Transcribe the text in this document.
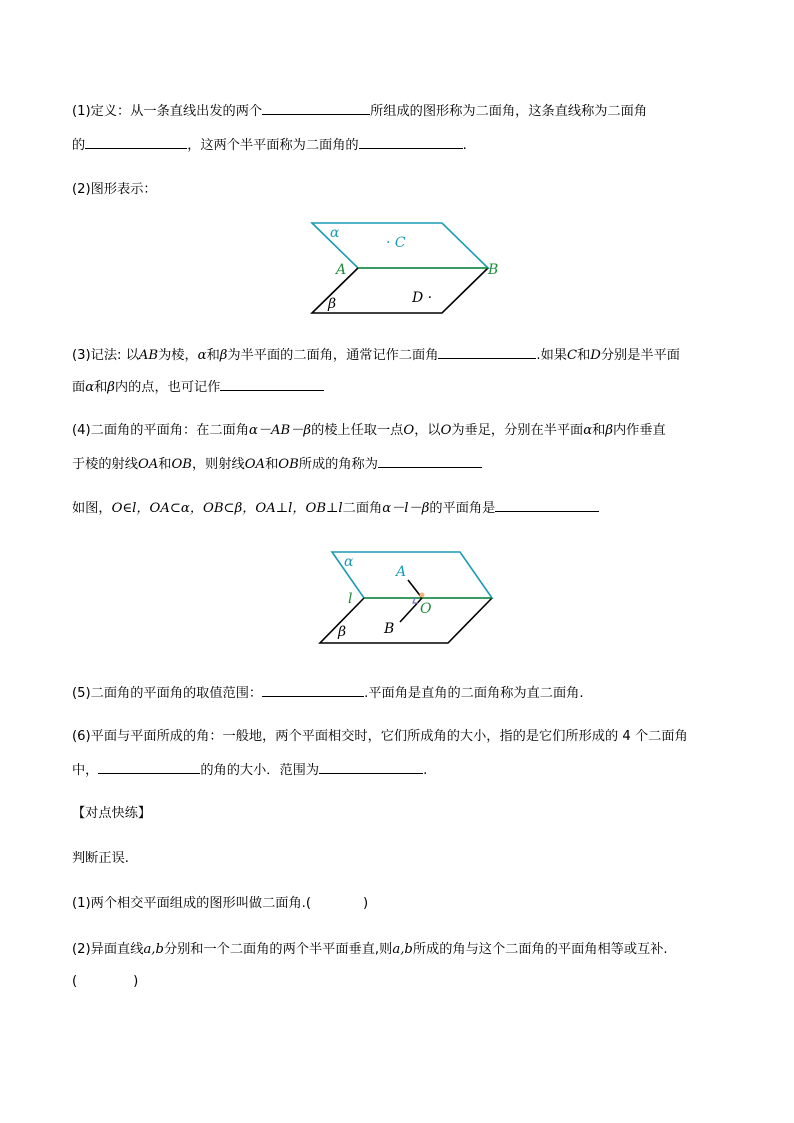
(1)定义：从一条直线出发的两个	所组成的图形称为二面角，这条直线称为二面角
的	，这两个半平面称为二面角的	.
(2)图形表示：
α
· C
A	B
β	D ·
(3)记法: 以AB为棱，α和β为半平面的二面角，通常记作二面角	.如果C和D分别是半平面
面α和β内的点，也可记作
(4)二面角的平面角：在二面角α－AB－β的棱上任取一点O，以O为垂足，分别在半平面α和β内作垂直
于棱的射线OA和OB，则射线OA和OB所成的角称为
如图，O∈l，OA⊂α，OB⊂β，OA⊥l，OB⊥l二面角α－l－β的平面角是
α
A
l
O
B
β
(5)二面角的平面角的取值范围：	.平面角是直角的二面角称为直二面角.
(6)平面与平面所成的角：一般地，两个平面相交时，它们所成角的大小，指的是它们所形成的 4 个二面角
中，	的角的大小．范围为	.
【对点快练】
判断正误.
(1)两个相交平面组成的图形叫做二面角.(	)
(2)异面直线a,b分别和一个二面角的两个半平面垂直,则a,b所成的角与这个二面角的平面角相等或互补.
(	)
